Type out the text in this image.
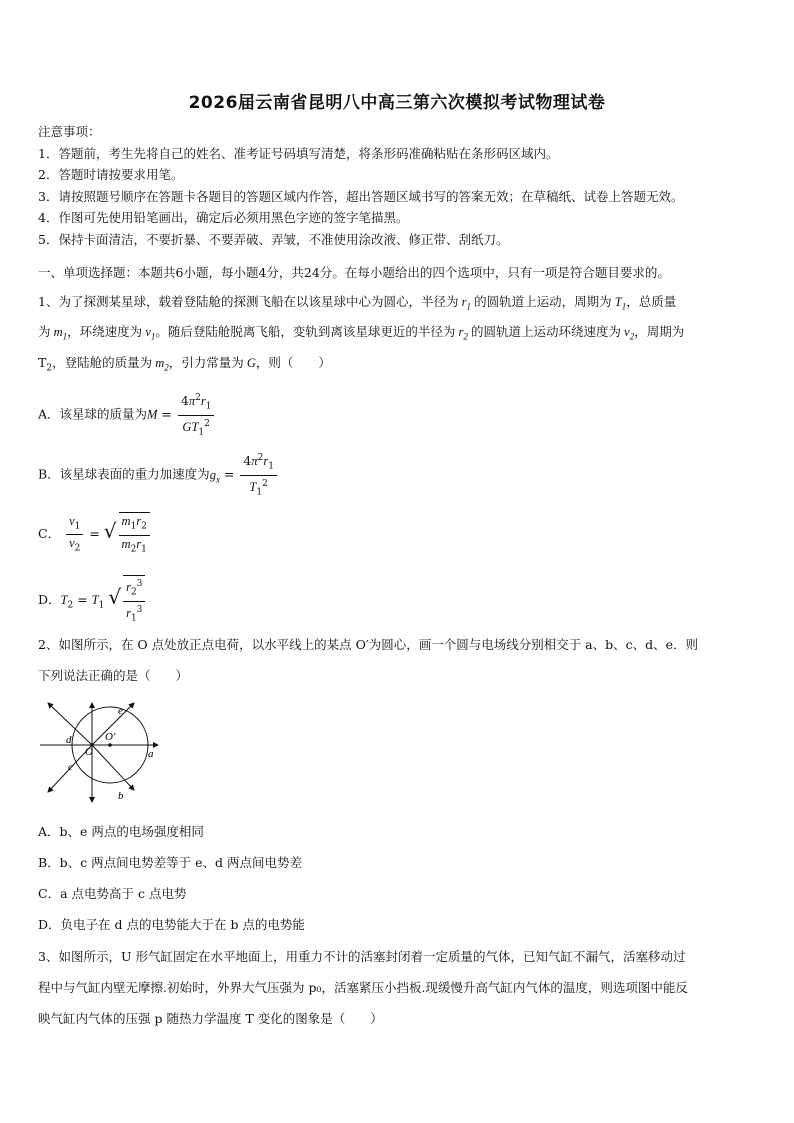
2026届云南省昆明八中高三第六次模拟考试物理试卷
注意事项：
1．答题前，考生先将自己的姓名、准考证号码填写清楚，将条形码准确粘贴在条形码区域内。
2．答题时请按要求用笔。
3．请按照题号顺序在答题卡各题目的答题区域内作答，超出答题区域书写的答案无效；在草稿纸、试卷上答题无效。
4．作图可先使用铅笔画出，确定后必须用黑色字迹的签字笔描黑。
5．保持卡面清洁，不要折暴、不要弄破、弄皱，不准使用涂改液、修正带、刮纸刀。
一、单项选择题：本题共6小题，每小题4分，共24分。在每小题给出的四个选项中，只有一项是符合题目要求的。
1、为了探测某星球，载着登陆舱的探测飞船在以该星球中心为圆心，半径为 $r_1$ 的圆轨道上运动，周期为 $T_1$，总质量
为 $m_1$，环绕速度为 $v_1$。随后登陆舱脱离飞船，变轨到离该星球更近的半径为 $r_2$ 的圆轨道上运动环绕速度为 $v_2$，周期为
$T_2$，登陆舱的质量为 $m_2$，引力常量为 G，则（　　）
A．该星球的质量为$M = \frac{4\pi^2r_1}{GT_1^2}$
B．该星球表面的重力加速度为$g_x = \frac{4\pi^2r_1}{T_1^2}$
C． $\frac{v_1}{v_2}$ = √ $\frac{m_1r_2}{m_2r_1}$
D．$T_2 = T_1$ √ $\frac{r_2^3}{r_1^3}$
2、如图所示，在 O 点处放正点电荷，以水平线上的某点 O′为圆心，画一个圆与电场线分别相交于 a、b、c、d、e．则
下列说法正确的是（　　）
e
d
O
O′
a
c
b
A．b、e 两点的电场强度相同
B．b、c 两点间电势差等于 e、d 两点间电势差
C．a 点电势高于 c 点电势
D．负电子在 d 点的电势能大于在 b 点的电势能
3、如图所示，U 形气缸固定在水平地面上，用重力不计的活塞封闭着一定质量的气体，已知气缸不漏气，活塞移动过
程中与气缸内壁无摩擦.初始时，外界大气压强为 p₀，活塞紧压小挡板.现缓慢升高气缸内气体的温度，则选项图中能反
映气缸内气体的压强 p 随热力学温度 T 变化的图象是（　　）
